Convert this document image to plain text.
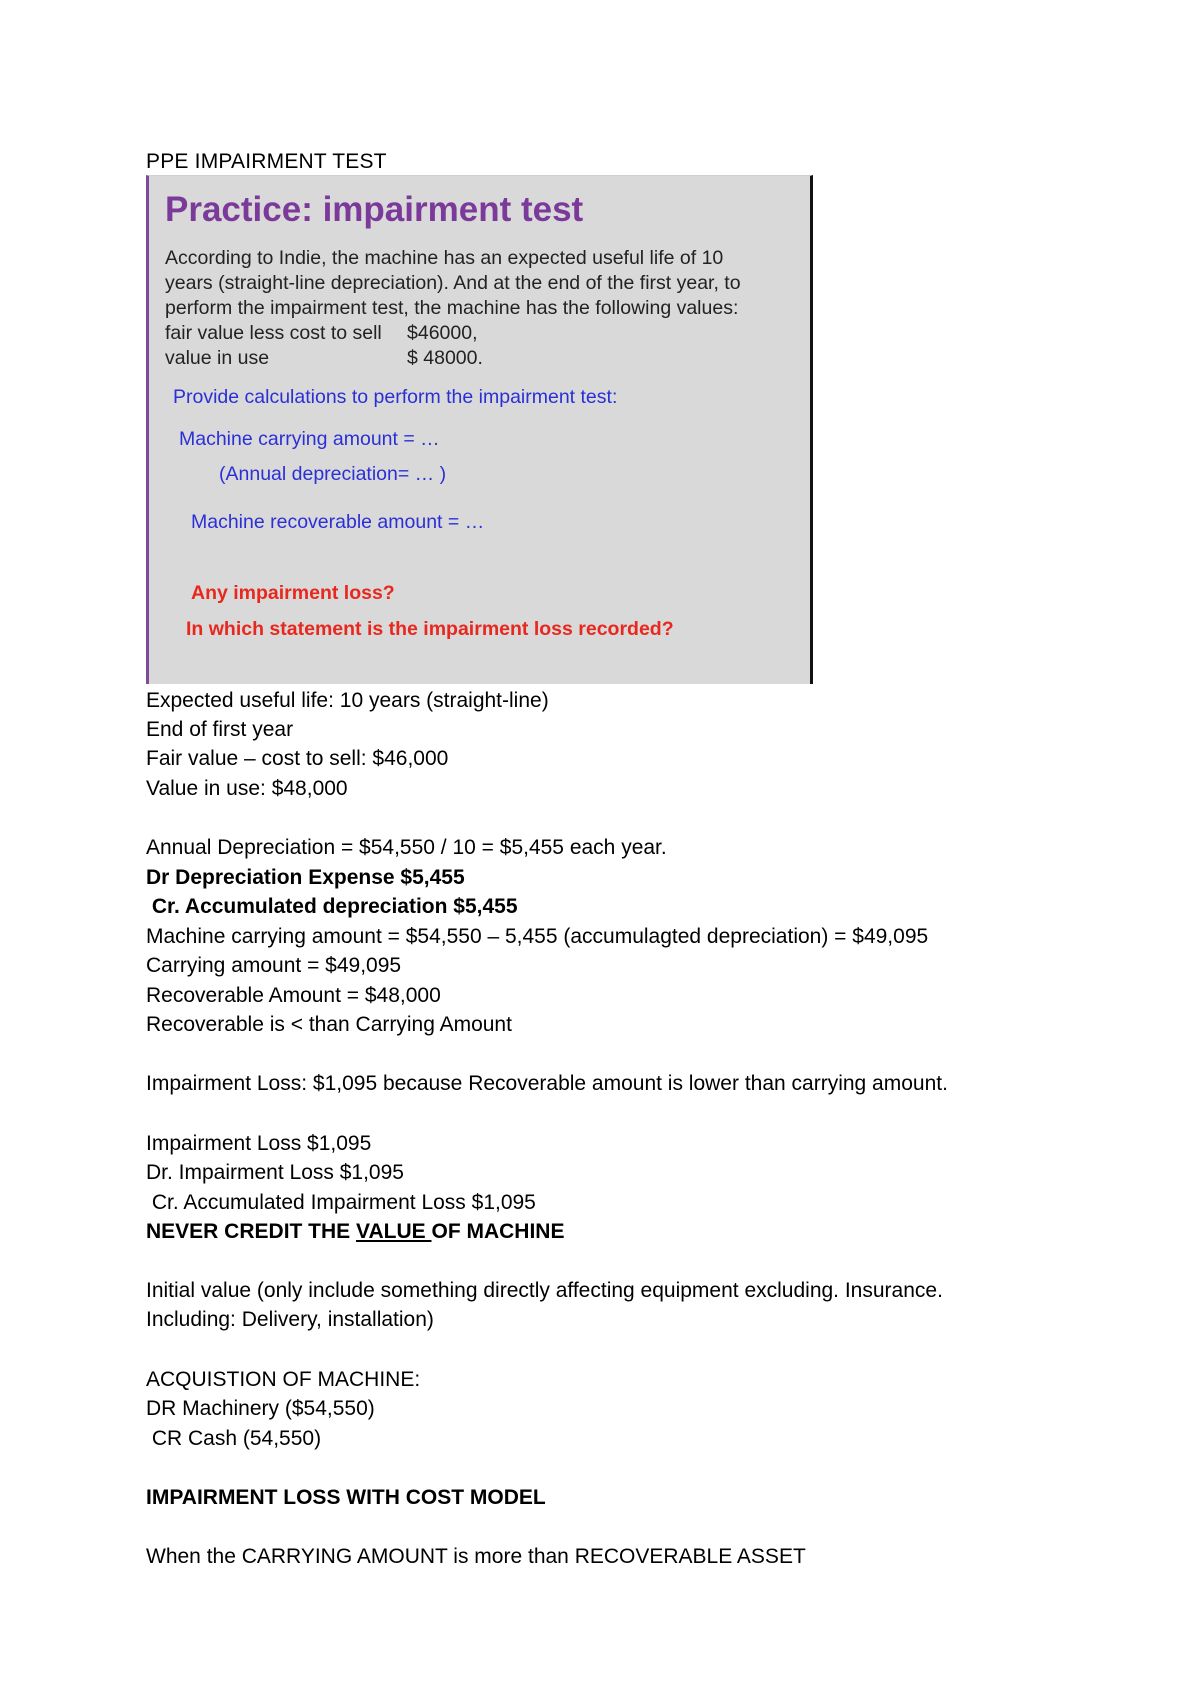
PPE IMPAIRMENT TEST
Practice: impairment test
According to Indie, the machine has an expected useful life of 10
years (straight-line depreciation). And at the end of the first year, to
perform the impairment test, the machine has the following values:
fair value less cost to sell	$46000,
value in use	$ 48000.
Provide calculations to perform the impairment test:
Machine carrying amount = …
(Annual depreciation= … )
Machine recoverable amount = …
Any impairment loss?
In which statement is the impairment loss recorded?
Expected useful life: 10 years (straight-line)
End of first year
Fair value – cost to sell: $46,000
Value in use: $48,000
Annual Depreciation = $54,550 / 10 = $5,455 each year.
Dr Depreciation Expense $5,455
Cr. Accumulated depreciation $5,455
Machine carrying amount = $54,550 – 5,455 (accumulagted depreciation) = $49,095
Carrying amount = $49,095
Recoverable Amount = $48,000
Recoverable is < than Carrying Amount
Impairment Loss: $1,095 because Recoverable amount is lower than carrying amount.
Impairment Loss $1,095
Dr. Impairment Loss $1,095
Cr. Accumulated Impairment Loss $1,095
NEVER CREDIT THE VALUE OF MACHINE
Initial value (only include something directly affecting equipment excluding. Insurance.
Including: Delivery, installation)
ACQUISTION OF MACHINE:
DR Machinery ($54,550)
CR Cash (54,550)
IMPAIRMENT LOSS WITH COST MODEL
When the CARRYING AMOUNT is more than RECOVERABLE ASSET
